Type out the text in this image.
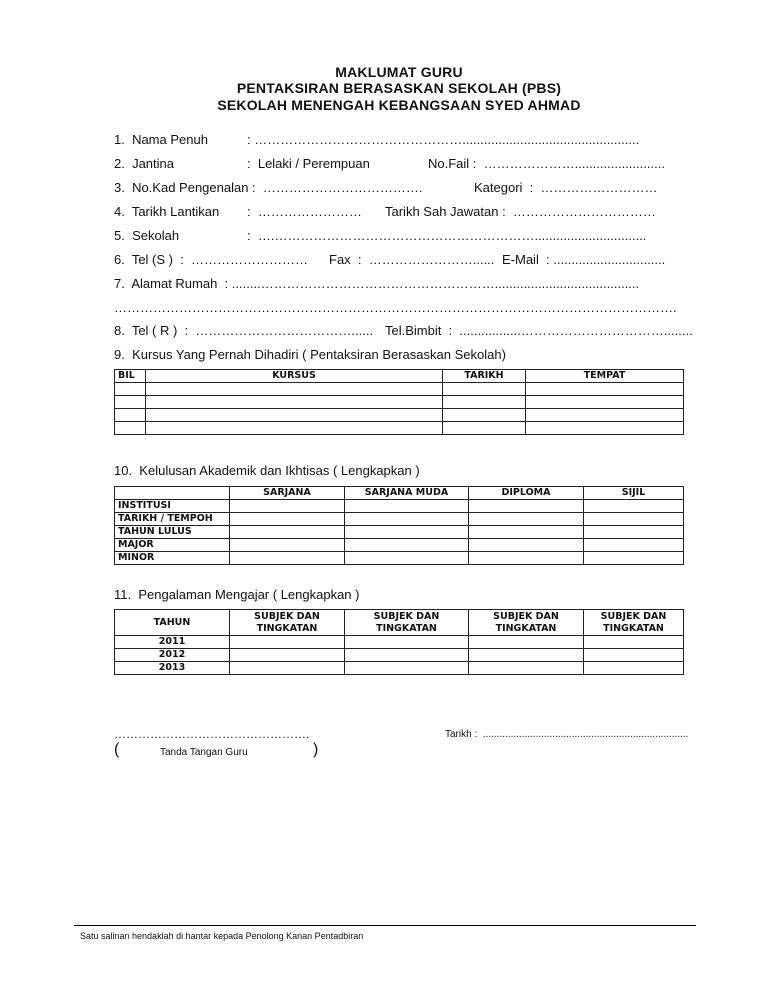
MAKLUMAT GURU
PENTAKSIRAN BERASASKAN SEKOLAH (PBS)
SEKOLAH MENENGAH KEBANGSAAN SYED AHMAD
1.  Nama Penuh	: ………………………………………….................................................
2.  Jantina	:  Lelaki / Perempuan	No.Fail :  ………………….........................
3.  No.Kad Pengenalan :  ……………………………….	Kategori  :  ………………………
4.  Tarikh Lantikan :  …………………… Tarikh Sah Jawatan :  ……………………………
5.  Sekolah	:  ….……………………………………………………...............................
6.  Tel (S )  :  ……………………… Fax  :  ……………………...... E-Mail  : ...............................
7.  Alamat Rumah  : ........………………………………………………........................................
………………………………………………………………………………………………………………….
8.  Tel ( R )  :  ………………………………...... Tel.Bimbit  :  .................……………………………........
9.  Kursus Yang Pernah Dihadiri ( Pentaksiran Berasaskan Sekolah)
BIL	KURSUS	TARIKH	TEMPAT

10.  Kelulusan Akademik dan Ikhtisas ( Lengkapkan )
	SARJANA	SARJANA MUDA	DIPLOMA	SIJIL
INSTITUSI				
TARIKH / TEMPOH				
TAHUN LULUS				
MAJOR				
MINOR				
11.  Pengalaman Mengajar ( Lengkapkan )
TAHUN	SUBJEK DAN TINGKATAN	SUBJEK DAN TINGKATAN	SUBJEK DAN TINGKATAN	SUBJEK DAN TINGKATAN
2011				
2012				
2013				
………………………………………….
(	Tanda Tangan Guru	)
Tarikh :  ..........................................................................
Satu salinan hendaklah di hantar kepada Penolong Kanan Pentadbiran
